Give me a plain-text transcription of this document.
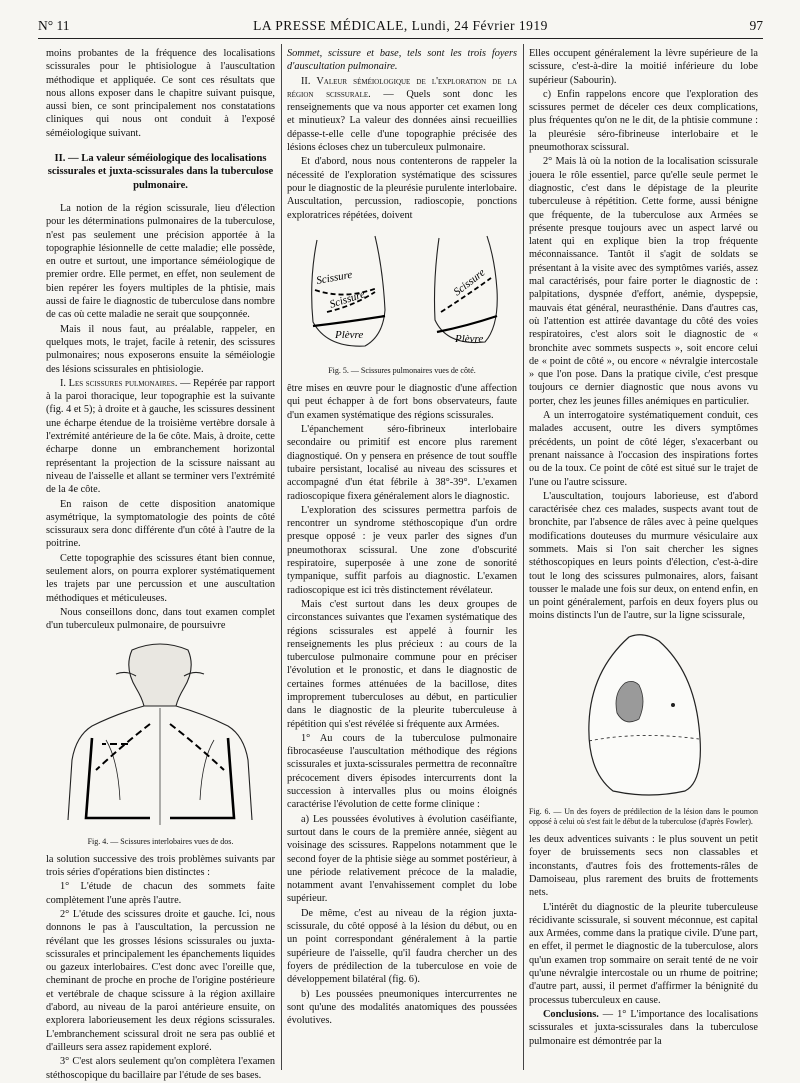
N° 11	LA PRESSE MÉDICALE, Lundi, 24 Février 1919	97

moins probantes de la fréquence des localisations scissurales pour le phtisiologue à l'auscultation méthodique et appliquée. Ce sont ces résultats que nous allons exposer dans le chapitre suivant puisque, aussi bien, ce sont principalement nos constatations cliniques qui nous ont conduit à l'exposé séméiologique suivant.

II. — La valeur séméiologique des localisations scissurales et juxta-scissurales dans la tuberculose pulmonaire.

La notion de la région scissurale, lieu d'élection pour les déterminations pulmonaires de la tuberculose, n'est pas seulement une précision apportée à la topographie lésionnelle de cette maladie; elle possède, en outre et surtout, une importance séméiologique de premier ordre. Elle permet, en effet, non seulement de bien repérer les foyers multiples de la phtisie, mais aussi de faire le diagnostic de tuberculose dans nombre de cas où cette maladie ne serait que soupçonnée.

Mais il nous faut, au préalable, rappeler, en quelques mots, le trajet, facile à retenir, des scissures pulmonaires; nous exposerons ensuite la séméiologie des lésions scissurales en phtisiologie.

I. Les scissures pulmonaires. — Repérée par rapport à la paroi thoracique, leur topographie est la suivante (fig. 4 et 5); à droite et à gauche, les scissures dessinent une écharpe étendue de la troisième vertèbre dorsale à l'extrémité antérieure de la 6e côte. Mais, à droite, cette écharpe donne un embranchement horizontal représentant la projection de la scissure naissant au niveau de l'aisselle et allant se terminer vers l'extrémité de la 4e côte.

En raison de cette disposition anatomique asymétrique, la symptomatologie des points de côté scissuraux sera donc différente d'un côté à l'autre de la poitrine.

Cette topographie des scissures étant bien connue, seulement alors, on pourra explorer systématiquement les trajets par une percussion et une auscultation méthodiques et méticuleuses.

Nous conseillons donc, dans tout examen complet d'un tuberculeux pulmonaire, de poursuivre

Fig. 4. — Scissures interlobaires vues de dos.

la solution successive des trois problèmes suivants par trois séries d'opérations bien distinctes :

1° L'étude de chacun des sommets faite complètement l'une après l'autre.

2° L'étude des scissures droite et gauche. Ici, nous donnons le pas à l'auscultation, la percussion ne révélant que les grosses lésions scissurales ou juxta-scissurales et principalement les épanchements liquides ou gazeux interlobaires. C'est donc avec l'oreille que, cheminant de proche en proche de l'origine postérieure et vertébrale de chaque scissure à la région axillaire d'abord, au niveau de la paroi antérieure ensuite, on explorera laborieusement les deux régions scissurales. L'embranchement scissural droit ne sera pas oublié et d'ailleurs sera assez rapidement exploré.

3° C'est alors seulement qu'on complètera l'examen stéthoscopique du bacillaire par l'étude de ses bases.

Sommet, scissure et base, tels sont les trois foyers d'auscultation pulmonaire.

II. Valeur séméiologique de l'exploration de la région scissurale. — Quels sont donc les renseignements que va nous apporter cet examen long et minutieux? La valeur des données ainsi recueillies dépasse-t-elle celle d'une topographie précisée des lésions écloses chez un tuberculeux pulmonaire.

Et d'abord, nous nous contenterons de rappeler la nécessité de l'exploration systématique des scissures pour le diagnostic de la pleurésie purulente interlobaire. Auscultation, percussion, radioscopie, ponctions exploratrices répétées, doivent

Scissure
Scissure
Scissure
Plèvre	Plèvre

Fig. 5. — Scissures pulmonaires vues de côté.

être mises en œuvre pour le diagnostic d'une affection qui peut échapper à de fort bons observateurs, faute d'un examen systématique des régions scissurales.

L'épanchement séro-fibrineux interlobaire secondaire ou primitif est encore plus rarement diagnostiqué. On y pensera en présence de tout souffle tubaire persistant, localisé au niveau des scissures et accompagné d'un état fébrile à 38°-39°. L'examen radioscopique fixera généralement alors le diagnostic.

L'exploration des scissures permettra parfois de rencontrer un syndrome stéthoscopique d'un ordre presque opposé : je veux parler des signes d'un pneumothorax scissural. Une zone d'obscurité respiratoire, superposée à une zone de sonorité tympanique, suffit parfois au diagnostic. L'examen radioscopique est ici très distinctement révélateur.

Mais c'est surtout dans les deux groupes de circonstances suivantes que l'examen systématique des régions scissurales est appelé à fournir les renseignements les plus précieux : au cours de la tuberculose pulmonaire commune pour en préciser l'évolution et le pronostic, et dans le diagnostic de certaines formes atténuées de la bacillose, dites improprement tuberculoses au début, en particulier dans le diagnostic de la pleurite tuberculeuse à répétition qui s'est révélée si fréquente aux Armées.

1° Au cours de la tuberculose pulmonaire fibrocaséeuse l'auscultation méthodique des régions scissurales et juxta-scissurales permettra de reconnaître précocement divers épisodes intercurrents dont la succession à intervalles plus ou moins éloignés caractérise l'évolution de cette forme clinique :

a) Les poussées évolutives à évolution caséifiante, surtout dans le cours de la première année, siègent au voisinage des scissures. Rappelons notamment que le second foyer de la phtisie siège au sommet postérieur, à une période relativement précoce de la maladie, notamment avant l'envahissement complet du lobe supérieur.

De même, c'est au niveau de la région juxta-scissurale, du côté opposé à la lésion du début, ou en un point correspondant généralement à la partie supérieure de l'aisselle, qu'il faudra chercher un des foyers de prédilection de la tuberculose en voie de développement bilatéral (fig. 6).

b) Les poussées pneumoniques intercurrentes ne sont qu'une des modalités anatomiques des poussées évolutives.

Elles occupent généralement la lèvre supérieure de la scissure, c'est-à-dire la moitié inférieure du lobe supérieur (Sabourin).

c) Enfin rappelons encore que l'exploration des scissures permet de déceler ces deux complications, plus fréquentes qu'on ne le dit, de la phtisie commune : la pleurésie séro-fibrineuse interlobaire et le pneumothorax scissural.

2° Mais là où la notion de la localisation scissurale jouera le rôle essentiel, parce qu'elle seule permet le diagnostic, c'est dans le dépistage de la pleurite tuberculeuse à répétition. Cette forme, aussi bénigne que fréquente, de la tuberculose aux Armées se présente presque toujours avec un aspect larvé ou latent qui en explique bien la trop fréquente méconnaissance. Tantôt il s'agit de soldats se présentant à la visite avec des symptômes variés, assez mal caractérisés, pour faire porter le diagnostic de : palpitations, dyspnée d'effort, anémie, dyspepsie, mauvais état général, neurasthénie. Dans d'autres cas, où l'attention est attirée davantage du côté des voies respiratoires, c'est alors soit le diagnostic de « bronchite avec sommets suspects », soit encore celui de « point de côté », ou encore « névralgie intercostale » que l'on pose. Dans la pratique civile, c'est presque toujours ce dernier diagnostic que nous avons vu porter, chez les jeunes filles anémiques en particulier.

A un interrogatoire systématiquement conduit, ces malades accusent, outre les divers symptômes précédents, un point de côté léger, s'exacerbant ou prenant naissance à l'occasion des inspirations fortes ou de la toux. Ce point de côté est situé sur le trajet de l'une ou l'autre scissure.

L'auscultation, toujours laborieuse, est d'abord caractérisée chez ces malades, suspects avant tout de bronchite, par l'absence de râles avec à peine quelques modifications douteuses du murmure vésiculaire aux sommets. Mais si l'on sait chercher les signes stéthoscopiques en leurs points d'élection, c'est-à-dire tout le long des scissures pulmonaires, alors, faisant tousser le malade une fois sur deux, on entend enfin, en un point généralement, parfois en deux foyers plus ou moins distincts l'un de l'autre, sur la ligne scissurale,

Fig. 6. — Un des foyers de prédilection de la lésion dans le poumon opposé à celui où s'est fait le début de la tuberculose (d'après Fowler).

les deux adventices suivants : le plus souvent un petit foyer de bruissements secs non classables et inconstants, d'autres fois des frottements-râles de Damoiseau, plus rarement des bruits de frottements nets.

L'intérêt du diagnostic de la pleurite tuberculeuse récidivante scissurale, si souvent méconnue, est capital aux Armées, comme dans la pratique civile. D'une part, en effet, il permet le diagnostic de la tuberculose, alors qu'un examen trop sommaire on serait tenté de ne voir qu'une névralgie intercostale ou un rhume de poitrine; d'autre part, aussi, il permet d'affirmer la bénignité du processus tuberculeux en cause.

Conclusions. — 1° L'importance des localisations scissurales et juxta-scissurales dans la tuberculose pulmonaire est démontrée par la
